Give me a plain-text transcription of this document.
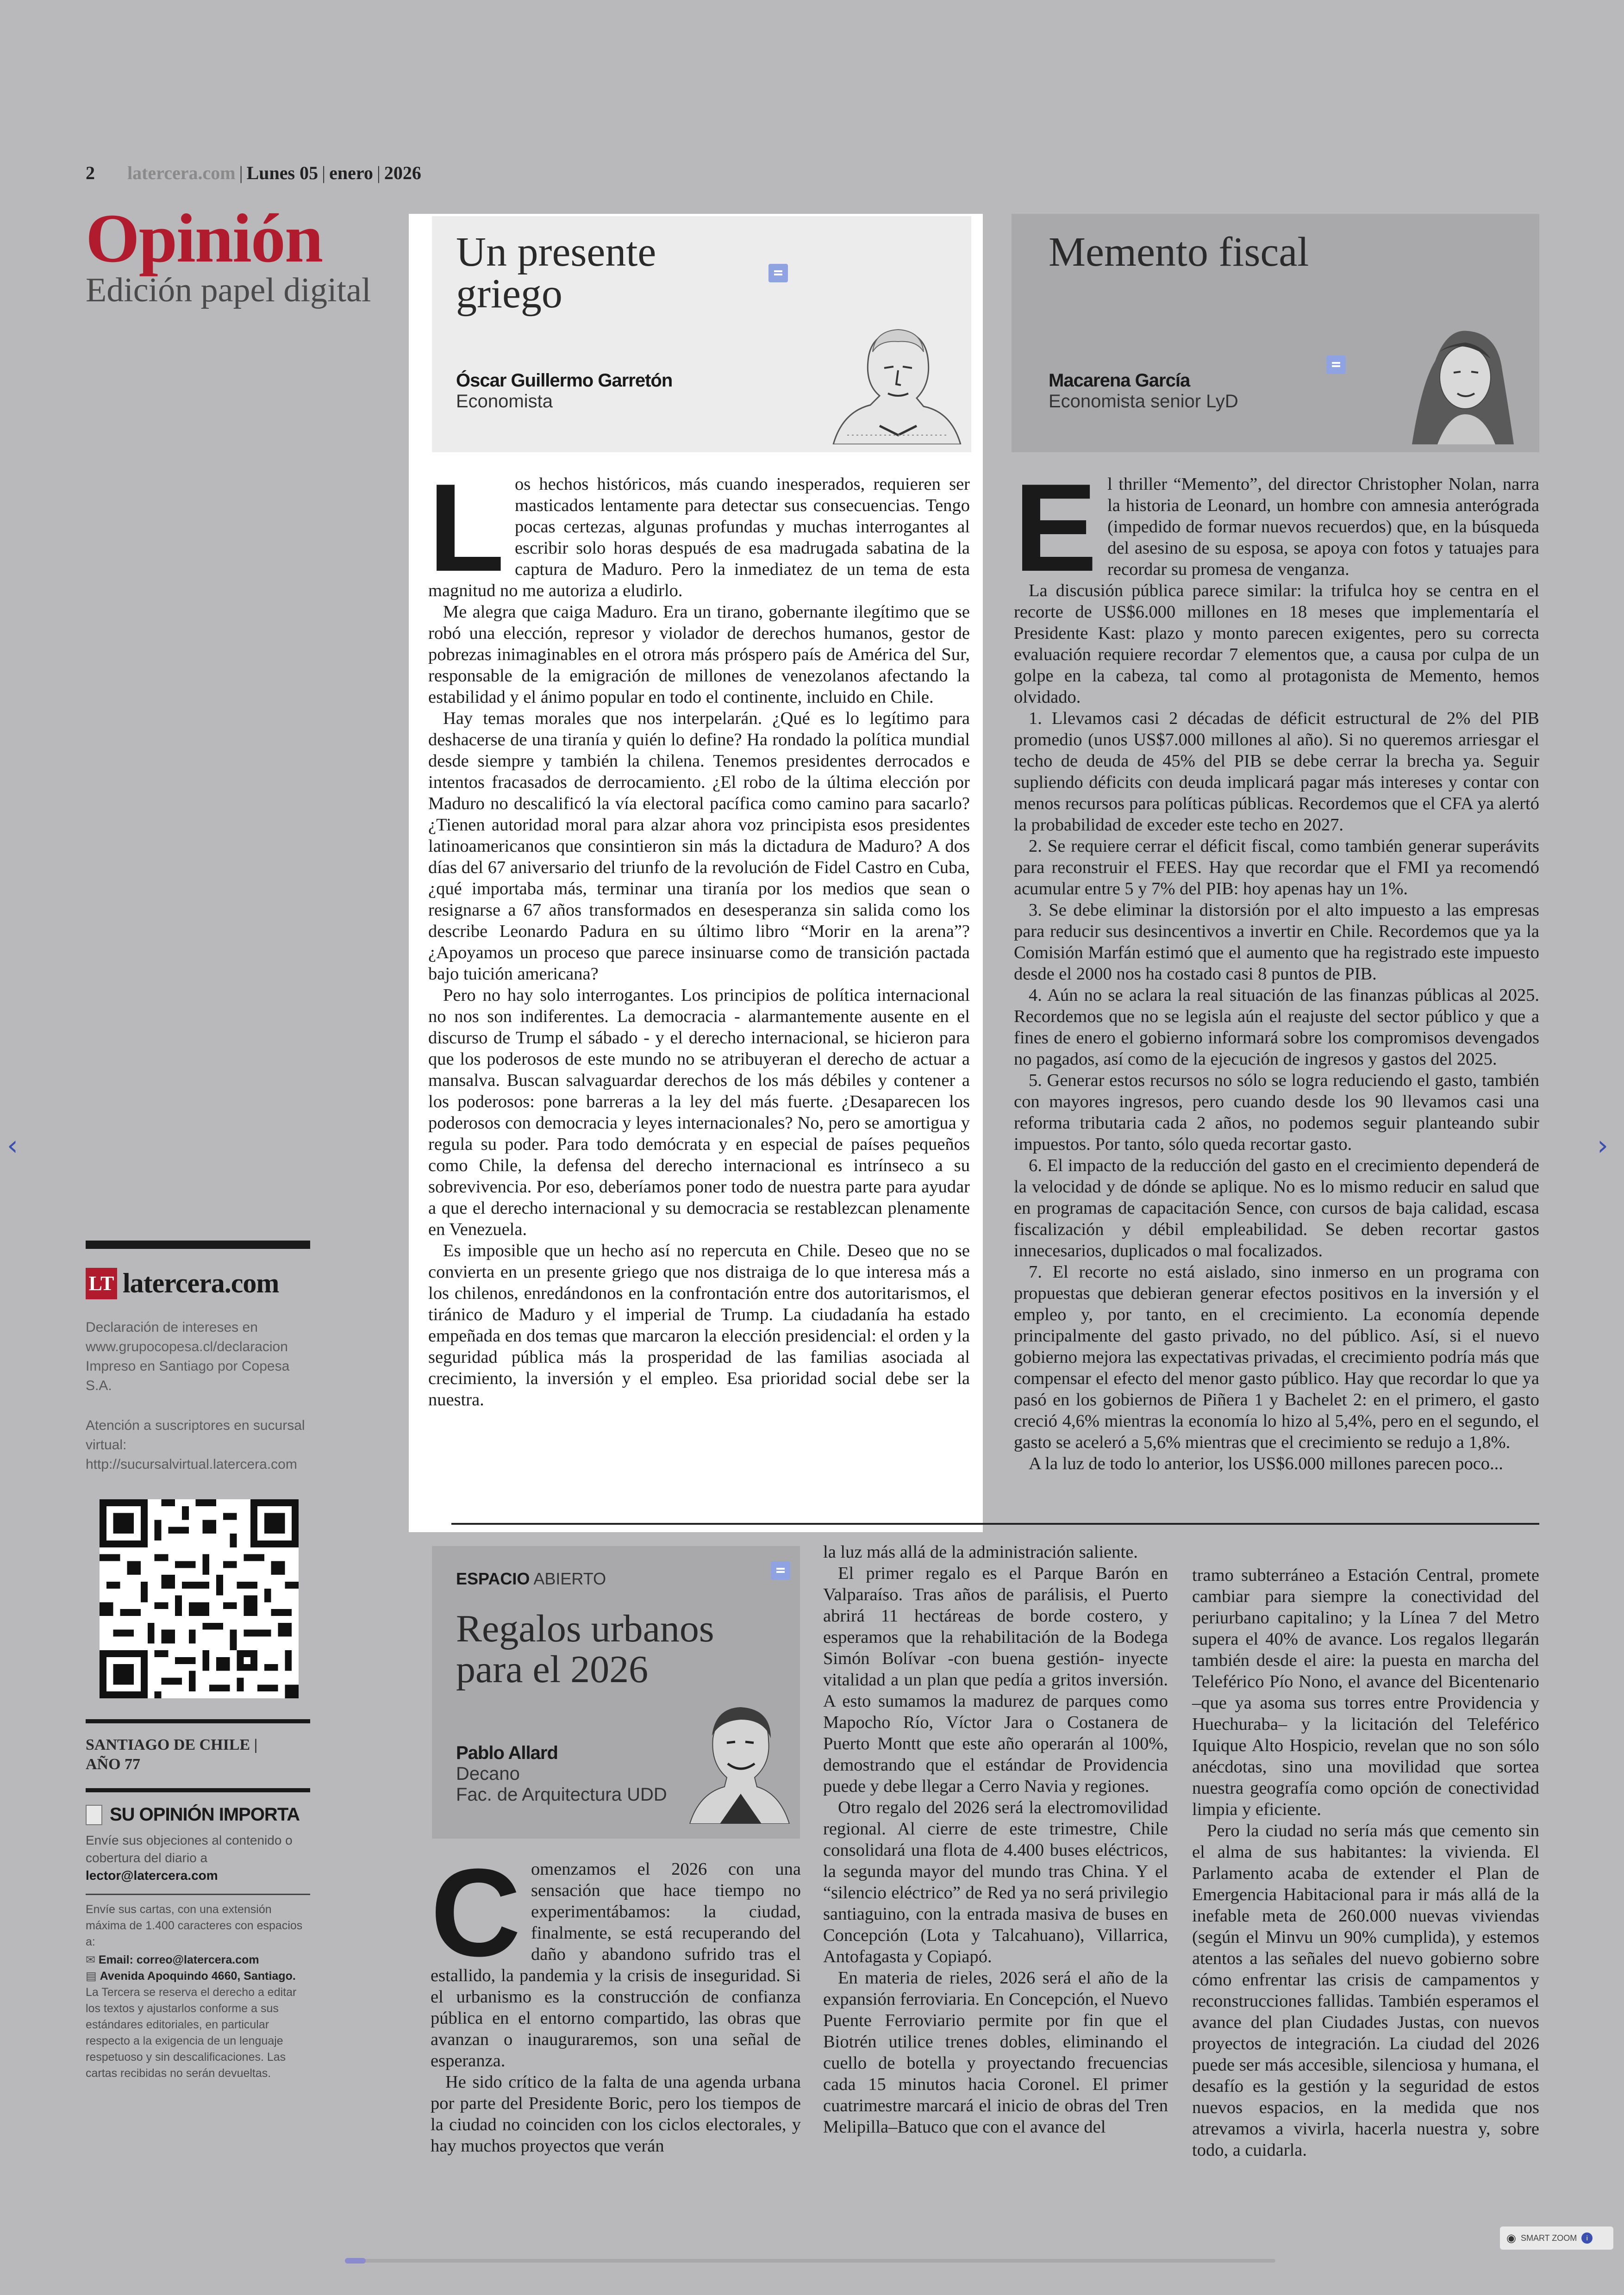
2 latercera.com | Lunes 05 | enero | 2026
Opinión
Edición papel digital
LT latercera.com

Declaración de intereses en www.grupocopesa.cl/declaracion Impreso en Santiago por Copesa S.A.

Atención a suscriptores en sucursal virtual: http://sucursalvirtual.latercera.com

SANTIAGO DE CHILE |
AÑO 77
SU OPINIÓN IMPORTA

Envíe sus objeciones al contenido o cobertura del diario a
lector@latercera.com

Envíe sus cartas, con una extensión máxima de 1.400 caracteres con espacios a:

✉ Email: correo@latercera.com
▤ Avenida Apoquindo 4660, Santiago.

La Tercera se reserva el derecho a editar los textos y ajustarlos conforme a sus estándares editoriales, en particular respecto a la exigencia de un lenguaje respetuoso y sin descalificaciones. Las cartas recibidas no serán devueltas.

Un presente
griego
Óscar Guillermo Garretón
Economista
L os hechos históricos, más cuando inesperados, requieren ser masticados lentamente para detectar sus consecuencias. Tengo pocas certezas, algunas profundas y muchas interrogantes al escribir solo horas después de esa madrugada sabatina de la captura de Maduro. Pero la inmediatez de un tema de esta magnitud no me autoriza a eludirlo.

Me alegra que caiga Maduro. Era un tirano, gobernante ilegítimo que se robó una elección, represor y violador de derechos humanos, gestor de pobrezas inimaginables en el otrora más próspero país de América del Sur, responsable de la emigración de millones de venezolanos afectando la estabilidad y el ánimo popular en todo el continente, incluido en Chile.

Hay temas morales que nos interpelarán. ¿Qué es lo legítimo para deshacerse de una tiranía y quién lo define? Ha rondado la política mundial desde siempre y también la chilena. Tenemos presidentes derrocados e intentos fracasados de derrocamiento. ¿El robo de la última elección por Maduro no descalificó la vía electoral pacífica como camino para sacarlo? ¿Tienen autoridad moral para alzar ahora voz principista esos presidentes latinoamericanos que consintieron sin más la dictadura de Maduro? A dos días del 67 aniversario del triunfo de la revolución de Fidel Castro en Cuba, ¿qué importaba más, terminar una tiranía por los medios que sean o resignarse a 67 años transformados en desesperanza sin salida como los describe Leonardo Padura en su último libro “Morir en la arena”? ¿Apoyamos un proceso que parece insinuarse como de transición pactada bajo tuición americana?

Pero no hay solo interrogantes. Los principios de política internacional no nos son indiferentes. La democracia - alarmantemente ausente en el discurso de Trump el sábado - y el derecho internacional, se hicieron para que los poderosos de este mundo no se atribuyeran el derecho de actuar a mansalva. Buscan salvaguardar derechos de los más débiles y contener a los poderosos: pone barreras a la ley del más fuerte. ¿Desaparecen los poderosos con democracia y leyes internacionales? No, pero se amortigua y regula su poder. Para todo demócrata y en especial de países pequeños como Chile, la defensa del derecho internacional es intrínseco a su sobrevivencia. Por eso, deberíamos poner todo de nuestra parte para ayudar a que el derecho internacional y su democracia se restablezcan plenamente en Venezuela.

Es imposible que un hecho así no repercuta en Chile. Deseo que no se convierta en un presente griego que nos distraiga de lo que interesa más a los chilenos, enredándonos en la confrontación entre dos autoritarismos, el tiránico de Maduro y el imperial de Trump. La ciudadanía ha estado empeñada en dos temas que marcaron la elección presidencial: el orden y la seguridad pública más la prosperidad de las familias asociada al crecimiento, la inversión y el empleo. Esa prioridad social debe ser la nuestra.

Memento fiscal
Macarena García
Economista senior LyD
E l thriller “Memento”, del director Christopher Nolan, narra la historia de Leonard, un hombre con amnesia anterógrada (impedido de formar nuevos recuerdos) que, en la búsqueda del asesino de su esposa, se apoya con fotos y tatuajes para recordar su promesa de venganza.

La discusión pública parece similar: la trifulca hoy se centra en el recorte de US$6.000 millones en 18 meses que implementaría el Presidente Kast: plazo y monto parecen exigentes, pero su correcta evaluación requiere recordar 7 elementos que, a causa por culpa de un golpe en la cabeza, tal como al protagonista de Memento, hemos olvidado.

1. Llevamos casi 2 décadas de déficit estructural de 2% del PIB promedio (unos US$7.000 millones al año). Si no queremos arriesgar el techo de deuda de 45% del PIB se debe cerrar la brecha ya. Seguir supliendo déficits con deuda implicará pagar más intereses y contar con menos recursos para políticas públicas. Recordemos que el CFA ya alertó la probabilidad de exceder este techo en 2027.

2. Se requiere cerrar el déficit fiscal, como también generar superávits para reconstruir el FEES. Hay que recordar que el FMI ya recomendó acumular entre 5 y 7% del PIB: hoy apenas hay un 1%.

3. Se debe eliminar la distorsión por el alto impuesto a las empresas para reducir sus desincentivos a invertir en Chile. Recordemos que ya la Comisión Marfán estimó que el aumento que ha registrado este impuesto desde el 2000 nos ha costado casi 8 puntos de PIB.

4. Aún no se aclara la real situación de las finanzas públicas al 2025. Recordemos que no se legisla aún el reajuste del sector público y que a fines de enero el gobierno informará sobre los compromisos devengados no pagados, así como de la ejecución de ingresos y gastos del 2025.

5. Generar estos recursos no sólo se logra reduciendo el gasto, también con mayores ingresos, pero cuando desde los 90 llevamos casi una reforma tributaria cada 2 años, no podemos seguir planteando subir impuestos. Por tanto, sólo queda recortar gasto.

6. El impacto de la reducción del gasto en el crecimiento dependerá de la velocidad y de dónde se aplique. No es lo mismo reducir en salud que en programas de capacitación Sence, con cursos de baja calidad, escasa fiscalización y débil empleabilidad. Se deben recortar gastos innecesarios, duplicados o mal focalizados.

7. El recorte no está aislado, sino inmerso en un programa con propuestas que debieran generar efectos positivos en la inversión y el empleo y, por tanto, en el crecimiento. La economía depende principalmente del gasto privado, no del público. Así, si el nuevo gobierno mejora las expectativas privadas, el crecimiento podría más que compensar el efecto del menor gasto público. Hay que recordar lo que ya pasó en los gobiernos de Piñera 1 y Bachelet 2: en el primero, el gasto creció 4,6% mientras la economía lo hizo al 5,4%, pero en el segundo, el gasto se aceleró a 5,6% mientras que el crecimiento se redujo a 1,8%.

A la luz de todo lo anterior, los US$6.000 millones parecen poco...

ESPACIO ABIERTO
Regalos urbanos
para el 2026
Pablo Allard
Decano
Fac. de Arquitectura UDD
C omenzamos el 2026 con una sensación que hace tiempo no experimentábamos: la ciudad, finalmente, se está recuperando del daño y abandono sufrido tras el estallido, la pandemia y la crisis de inseguridad. Si el urbanismo es la construcción de confianza pública en el entorno compartido, las obras que avanzan o inauguraremos, son una señal de esperanza.

He sido crítico de la falta de una agenda urbana por parte del Presidente Boric, pero los tiempos de la ciudad no coinciden con los ciclos electorales, y hay muchos proyectos que verán

la luz más allá de la administración saliente.

El primer regalo es el Parque Barón en Valparaíso. Tras años de parálisis, el Puerto abrirá 11 hectáreas de borde costero, y esperamos que la rehabilitación de la Bodega Simón Bolívar -con buena gestión- inyecte vitalidad a un plan que pedía a gritos inversión. A esto sumamos la madurez de parques como Mapocho Río, Víctor Jara o Costanera de Puerto Montt que este año operarán al 100%, demostrando que el estándar de Providencia puede y debe llegar a Cerro Navia y regiones.

Otro regalo del 2026 será la electromovilidad regional. Al cierre de este trimestre, Chile consolidará una flota de 4.400 buses eléctricos, la segunda mayor del mundo tras China. Y el “silencio eléctrico” de Red ya no será privilegio santiaguino, con la entrada masiva de buses en Concepción (Lota y Talcahuano), Villarrica, Antofagasta y Copiapó.

En materia de rieles, 2026 será el año de la expansión ferroviaria. En Concepción, el Nuevo Puente Ferroviario permite por fin que el Biotrén utilice trenes dobles, eliminando el cuello de botella y proyectando frecuencias cada 15 minutos hacia Coronel. El primer cuatrimestre marcará el inicio de obras del Tren Melipilla–Batuco que con el avance del

tramo subterráneo a Estación Central, promete cambiar para siempre la conectividad del periurbano capitalino; y la Línea 7 del Metro supera el 40% de avance. Los regalos llegarán también desde el aire: la puesta en marcha del Teleférico Pío Nono, el avance del Bicentenario –que ya asoma sus torres entre Providencia y Huechuraba– y la licitación del Teleférico Iquique Alto Hospicio, revelan que no son sólo anécdotas, sino una movilidad que sortea nuestra geografía como opción de conectividad limpia y eficiente.

Pero la ciudad no sería más que cemento sin el alma de sus habitantes: la vivienda. El Parlamento acaba de extender el Plan de Emergencia Habitacional para ir más allá de la inefable meta de 260.000 nuevas viviendas (según el Minvu un 90% cumplida), y estemos atentos a las señales del nuevo gobierno sobre cómo enfrentar las crisis de campamentos y reconstrucciones fallidas. También esperamos el avance del plan Ciudades Justas, con nuevos proyectos de integración. La ciudad del 2026 puede ser más accesible, silenciosa y humana, el desafío es la gestión y la seguridad de estos nuevos espacios, en la medida que nos atrevamos a vivirla, hacerla nuestra y, sobre todo, a cuidarla.

‹	›
◉ SMART ZOOM	i
